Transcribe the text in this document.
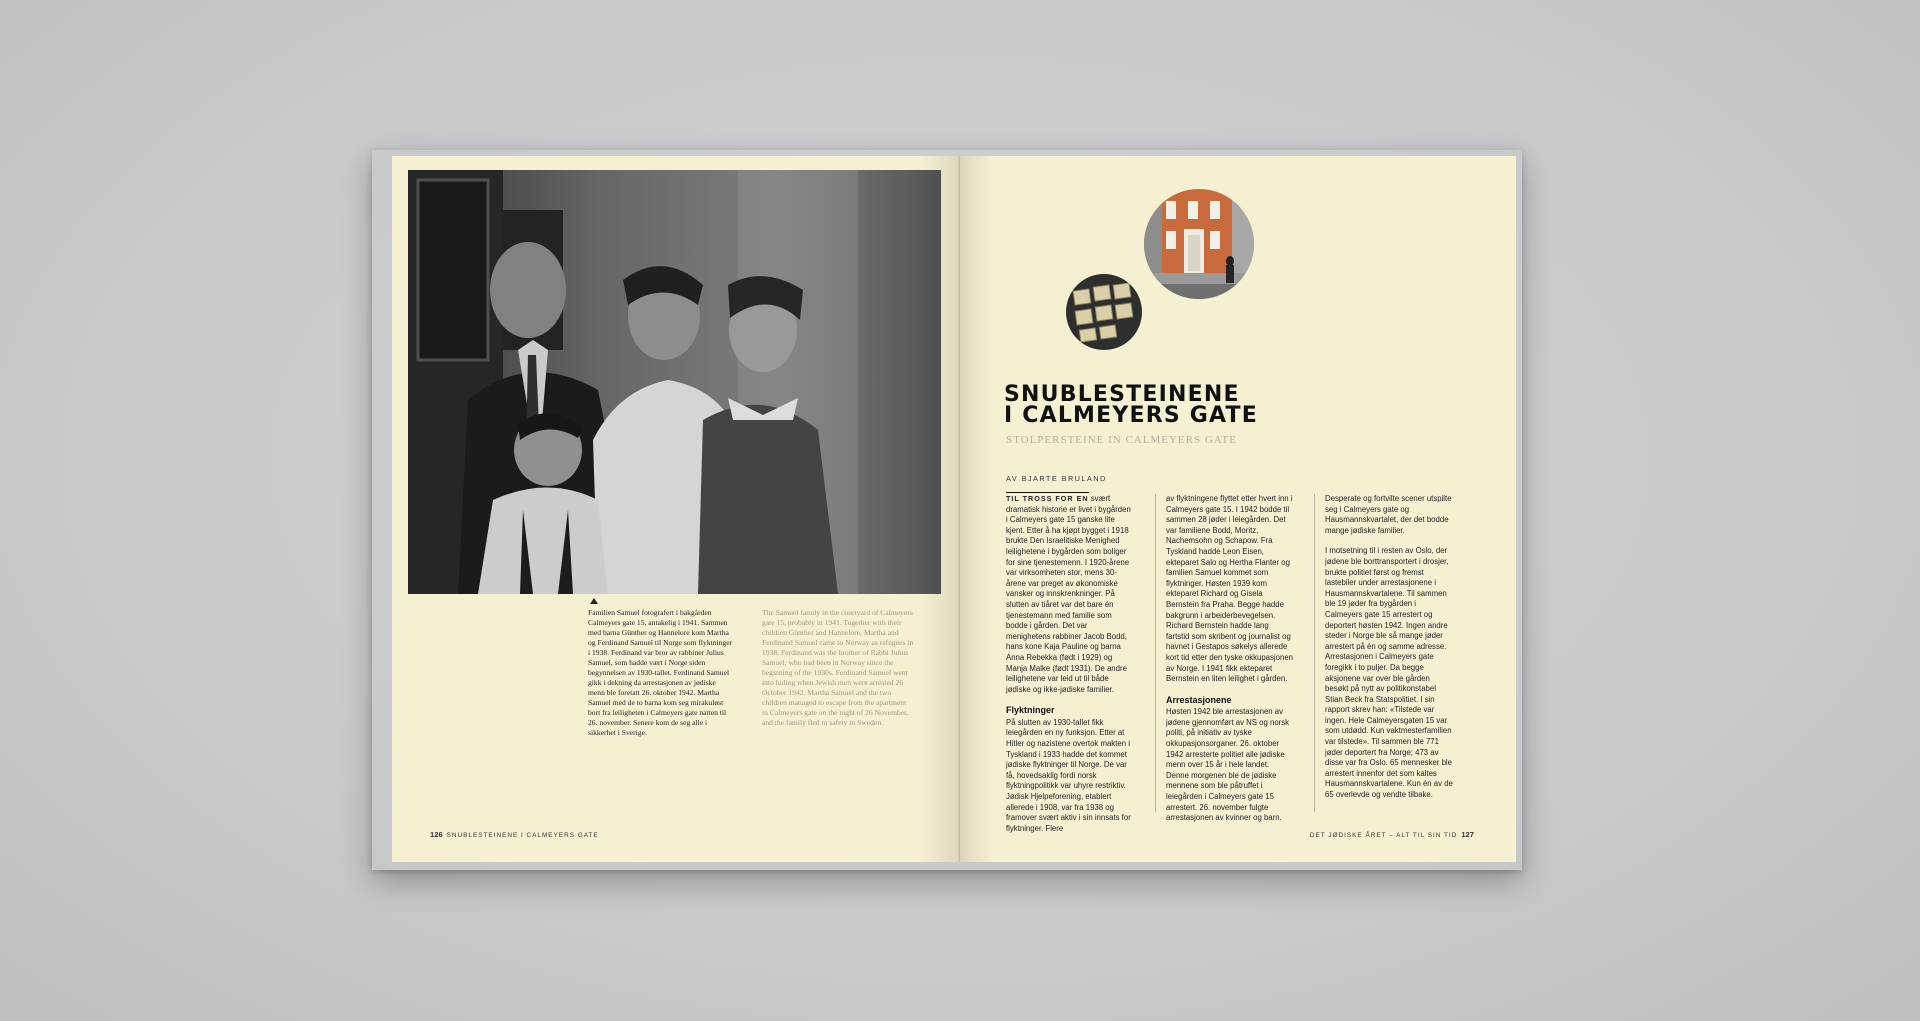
Familien Samuel fotografert i bakgården Calmeyers gate 15, antakelig i 1941. Sammen med barna Günther og Hannelore kom Martha og Ferdinand Samuel til Norge som flyktninger i 1938. Ferdinand var bror av rabbiner Julius Samuel, som hadde vært i Norge siden begynnelsen av 1930-tallet. Ferdinand Samuel gikk i dekning da arrestasjonen av jødiske menn ble foretatt 26. oktober 1942. Martha Samuel med de to barna kom seg mirakuløst bort fra leiligheten i Calmeyers gate natten til 26. november. Senere kom de seg alle i sikkerhet i Sverige.
The Samuel family in the courtyard of Calmeyers gate 15, probably in 1941. Together with their children Günther and Hannelore, Martha and Ferdinand Samuel came to Norway as refugees in 1938. Ferdinand was the brother of Rabbi Julius Samuel, who had been in Norway since the beginning of the 1930s. Ferdinand Samuel went into hiding when Jewish men were arrested 26 October 1942. Martha Samuel and the two children managed to escape from the apartment in Calmeyers gate on the night of 26 November, and the family fled to safety in Sweden.
126 SNUBLESTEINENE I CALMEYERS GATE
SNUBLESTEINENE
I CALMEYERS GATE
STOLPERSTEINE IN CALMEYERS GATE
AV BJARTE BRULAND

TIL TROSS FOR EN svært dramatisk historie er livet i bygården i Calmeyers gate 15 ganske lite kjent. Etter å ha kjøpt bygget i 1918 brukte Den Israelitiske Menighed leilighetene i bygården som boliger for sine tjenestemenn. I 1920-årene var virksomheten stor, mens 30-årene var preget av økonomiske vansker og innskrenkninger. På slutten av tiåret var det bare én tjenestemann med familie som bodde i gården. Det var menighetens rabbiner Jacob Bodd, hans kone Kaja Pauline og barna Anna Rebekka (født i 1929) og Manja Malke (født 1931). De andre leilighetene var leid ut til både jødiske og ikke-jødiske familier.

Flyktninger

På slutten av 1930-tallet fikk leiegården en ny funksjon. Etter at Hitler og nazistene overtok makten i Tyskland i 1933 hadde det kommet jødiske flyktninger til Norge. De var få, hovedsaklig fordi norsk flyktningpolitikk var uhyre restriktiv. Jødisk Hjelpeforening, etablert allerede i 1908, var fra 1938 og framover svært aktiv i sin innsats for flyktninger. Flere

av flyktningene flyttet etter hvert inn i Calmeyers gate 15. I 1942 bodde til sammen 28 jøder i leiegården. Det var familiene Bodd, Moritz, Nachemsohn og Schapow. Fra Tyskland hadde Leon Eisen, ekteparet Salo og Hertha Flanter og familien Samuel kommet som flyktninger. Høsten 1939 kom ekteparet Richard og Gisela Bernstein fra Praha. Begge hadde bakgrunn i arbeiderbevegelsen. Richard Bernstein hadde lang fartstid som skribent og journalist og havnet i Gestapos søkelys allerede kort tid etter den tyske okkupasjonen av Norge. I 1941 fikk ekteparet Bernstein en liten leilighet i gården.

Arrestasjonene

Høsten 1942 ble arrestasjonen av jødene gjennomført av NS og norsk politi, på initiativ av tyske okkupasjonsorganer. 26. oktober 1942 arresterte politiet alle jødiske menn over 15 år i hele landet. Denne morgenen ble de jødiske mennene som ble påtruffet i leiegården i Calmeyers gate 15 arrestert. 26. november fulgte arrestasjonen av kvinner og barn.

Desperate og fortvilte scener utspilte seg i Calmeyers gate og Hausmannskvartalet, der det bodde mange jødiske familier.

I motsetning til i resten av Oslo, der jødene ble borttransportert i drosjer, brukte politiet først og fremst lastebiler under arrestasjonene i Hausmannskvartalene. Til sammen ble 19 jøder fra bygården i Calmeyers gate 15 arrestert og deportert høsten 1942. Ingen andre steder i Norge ble så mange jøder arrestert på én og samme adresse. Arrestasjonen i Calmeyers gate foregikk i to puljer. Da begge aksjonene var over ble gården besøkt på nytt av politikonstabel Stian Beck fra Statspolitiet. I sin rapport skrev han: «Tilstede var ingen. Hele Calmeyersgaten 15 var som utdødd. Kun vaktmesterfamilien var tilstede». Til sammen ble 771 jøder deportert fra Norge; 473 av disse var fra Oslo. 65 mennesker ble arrestert innenfor det som kaltes Hausmannskvartalene. Kun én av de 65 overlevde og vendte tilbake.

DET JØDISKE ÅRET – ALT TIL SIN TID 127
